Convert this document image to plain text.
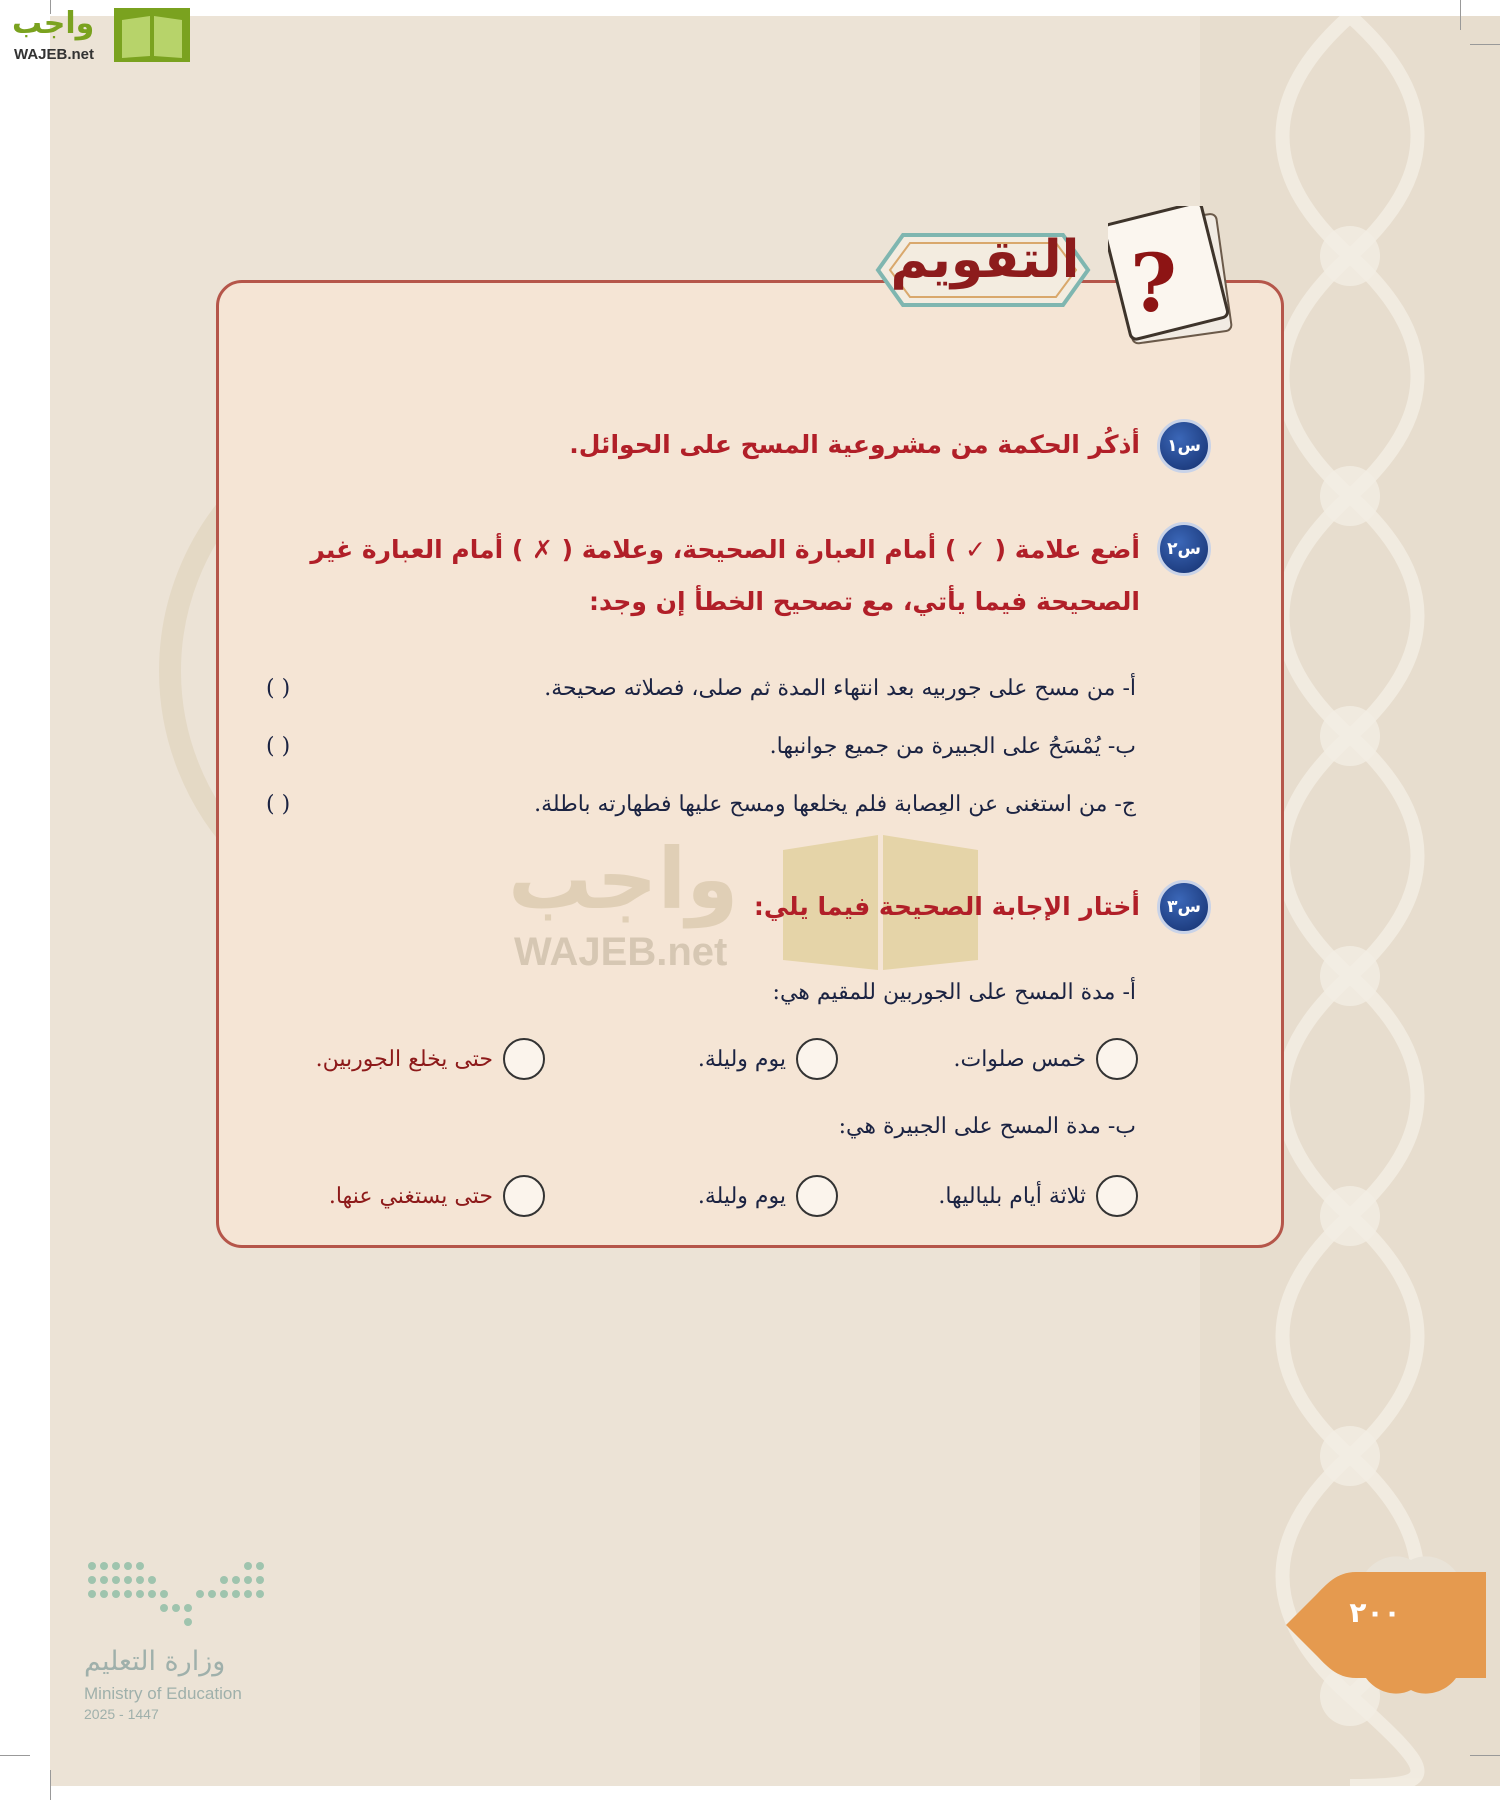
واجب
WAJEB.net
التقويم ?
س١
أذكُر الحكمة من مشروعية المسح على الحوائل.
س٢
أضع علامة ( ✓ ) أمام العبارة الصحيحة، وعلامة ( ✗ ) أمام العبارة غير الصحيحة فيما يأتي، مع تصحيح الخطأ إن وجد:
أ- من مسح على جوربيه بعد انتهاء المدة ثم صلى، فصلاته صحيحة.
( )
ب- يُمْسَحُ على الجبيرة من جميع جوانبها.
( )
ج- من استغنى عن العِصابة فلم يخلعها ومسح عليها فطهارته باطلة.
( )
واجب
WAJEB.net
س٣
أختار الإجابة الصحيحة فيما يلي:
أ- مدة المسح على الجوربين للمقيم هي:
خمس صلوات.
يوم وليلة.
حتى يخلع الجوربين.
ب- مدة المسح على الجبيرة هي:
ثلاثة أيام بلياليها.
يوم وليلة.
حتى يستغني عنها.
وزارة التعليم
Ministry of Education
2025 - 1447
٢٠٠
